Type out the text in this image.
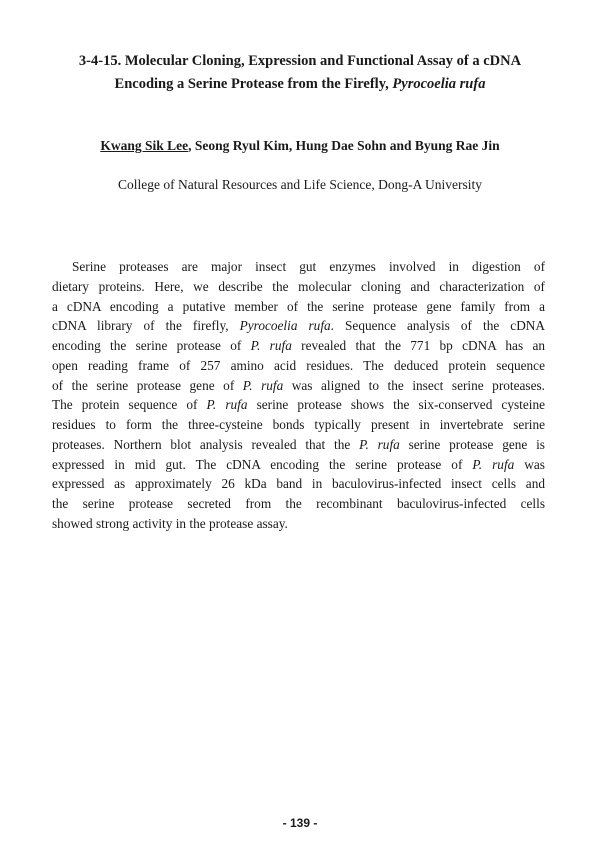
3-4-15. Molecular Cloning, Expression and Functional Assay of a cDNA
Encoding a Serine Protease from the Firefly, Pyrocoelia rufa

Kwang Sik Lee, Seong Ryul Kim, Hung Dae Sohn and Byung Rae Jin

College of Natural Resources and Life Science, Dong-A University

Serine proteases are major insect gut enzymes involved in digestion of
dietary proteins. Here, we describe the molecular cloning and characterization of
a cDNA encoding a putative member of the serine protease gene family from a
cDNA library of the firefly, Pyrocoelia rufa. Sequence analysis of the cDNA
encoding the serine protease of P. rufa revealed that the 771 bp cDNA has an
open reading frame of 257 amino acid residues. The deduced protein sequence
of the serine protease gene of P. rufa was aligned to the insect serine proteases.
The protein sequence of P. rufa serine protease shows the six-conserved cysteine
residues to form the three-cysteine bonds typically present in invertebrate serine
proteases. Northern blot analysis revealed that the P. rufa serine protease gene is
expressed in mid gut. The cDNA encoding the serine protease of P. rufa was
expressed as approximately 26 kDa band in baculovirus-infected insect cells and
the serine protease secreted from the recombinant baculovirus-infected cells
showed strong activity in the protease assay.

- 139 -
